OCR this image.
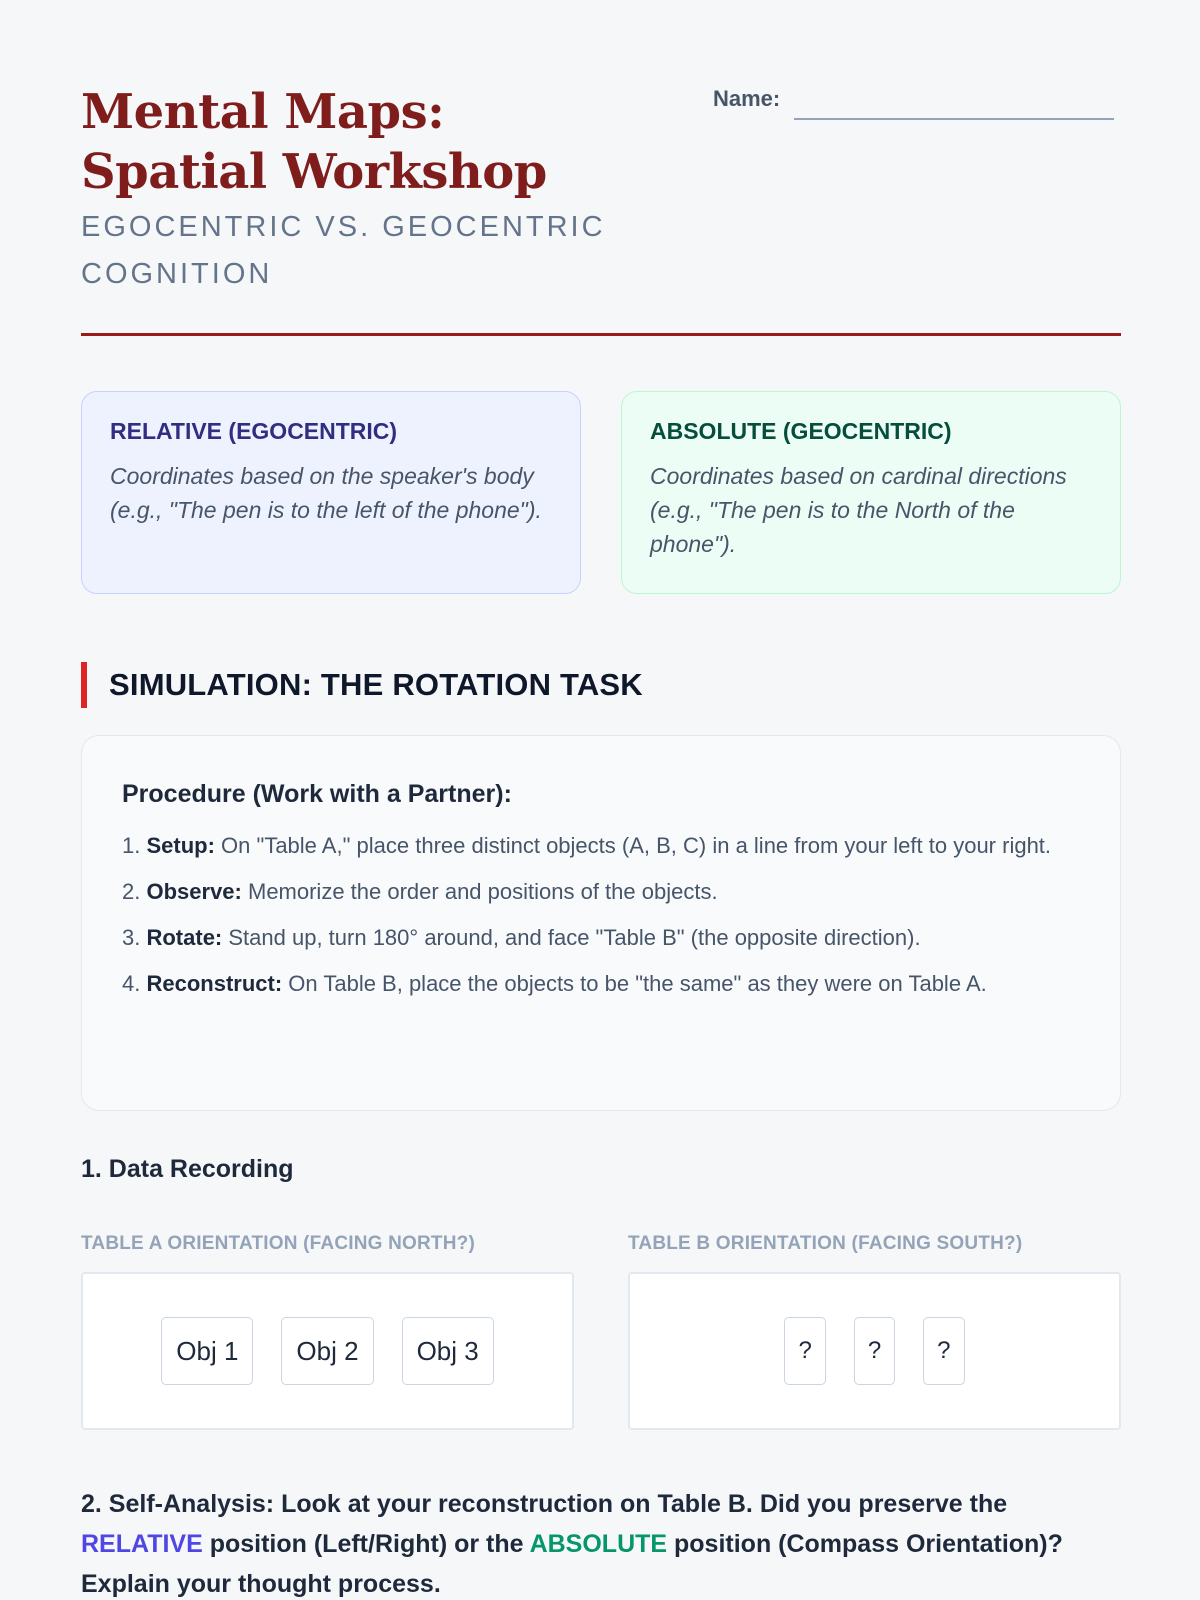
Mental Maps: Spatial Workshop
EGOCENTRIC VS. GEOCENTRIC COGNITION
Name:
RELATIVE (EGOCENTRIC)

Coordinates based on the speaker's body (e.g., "The pen is to the left of the phone").

ABSOLUTE (GEOCENTRIC)

Coordinates based on cardinal directions (e.g., "The pen is to the North of the phone").

SIMULATION: THE ROTATION TASK
Procedure (Work with a Partner):
1. Setup: On "Table A," place three distinct objects (A, B, C) in a line from your left to your right.
2. Observe: Memorize the order and positions of the objects.
3. Rotate: Stand up, turn 180° around, and face "Table B" (the opposite direction).
4. Reconstruct: On Table B, place the objects to be "the same" as they were on Table A.
1. Data Recording
TABLE A ORIENTATION (FACING NORTH?)	TABLE B ORIENTATION (FACING SOUTH?)
Obj 1	Obj 2	Obj 3	?	?	?
2. Self-Analysis: Look at your reconstruction on Table B. Did you preserve the RELATIVE position (Left/Right) or the ABSOLUTE position (Compass Orientation)? Explain your thought process.
